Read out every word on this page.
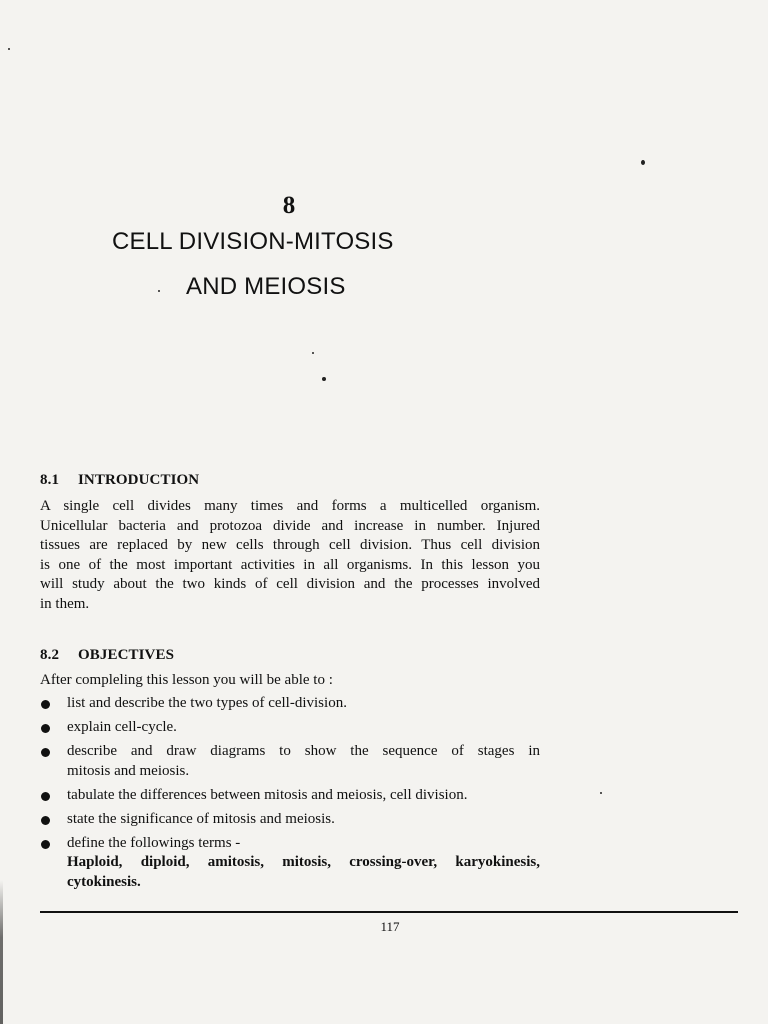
8
CELL DIVISION-MITOSIS
AND MEIOSIS
8.1 INTRODUCTION
A single cell divides many times and forms a multicelled organism.
Unicellular bacteria and protozoa divide and increase in number. Injured
tissues are replaced by new cells through cell division. Thus cell division
is one of the most important activities in all organisms. In this lesson you
will study about the two kinds of cell division and the processes involved
in them.
8.2 OBJECTIVES
After compleling this lesson you will be able to :
list and describe the two types of cell-division.
explain cell-cycle.
describe and draw diagrams to show the sequence of stages in
mitosis and meiosis.
tabulate the differences between mitosis and meiosis, cell division.
state the significance of mitosis and meiosis.
define the followings terms -
Haploid, diploid, amitosis, mitosis, crossing-over, karyokinesis,
cytokinesis.
117
